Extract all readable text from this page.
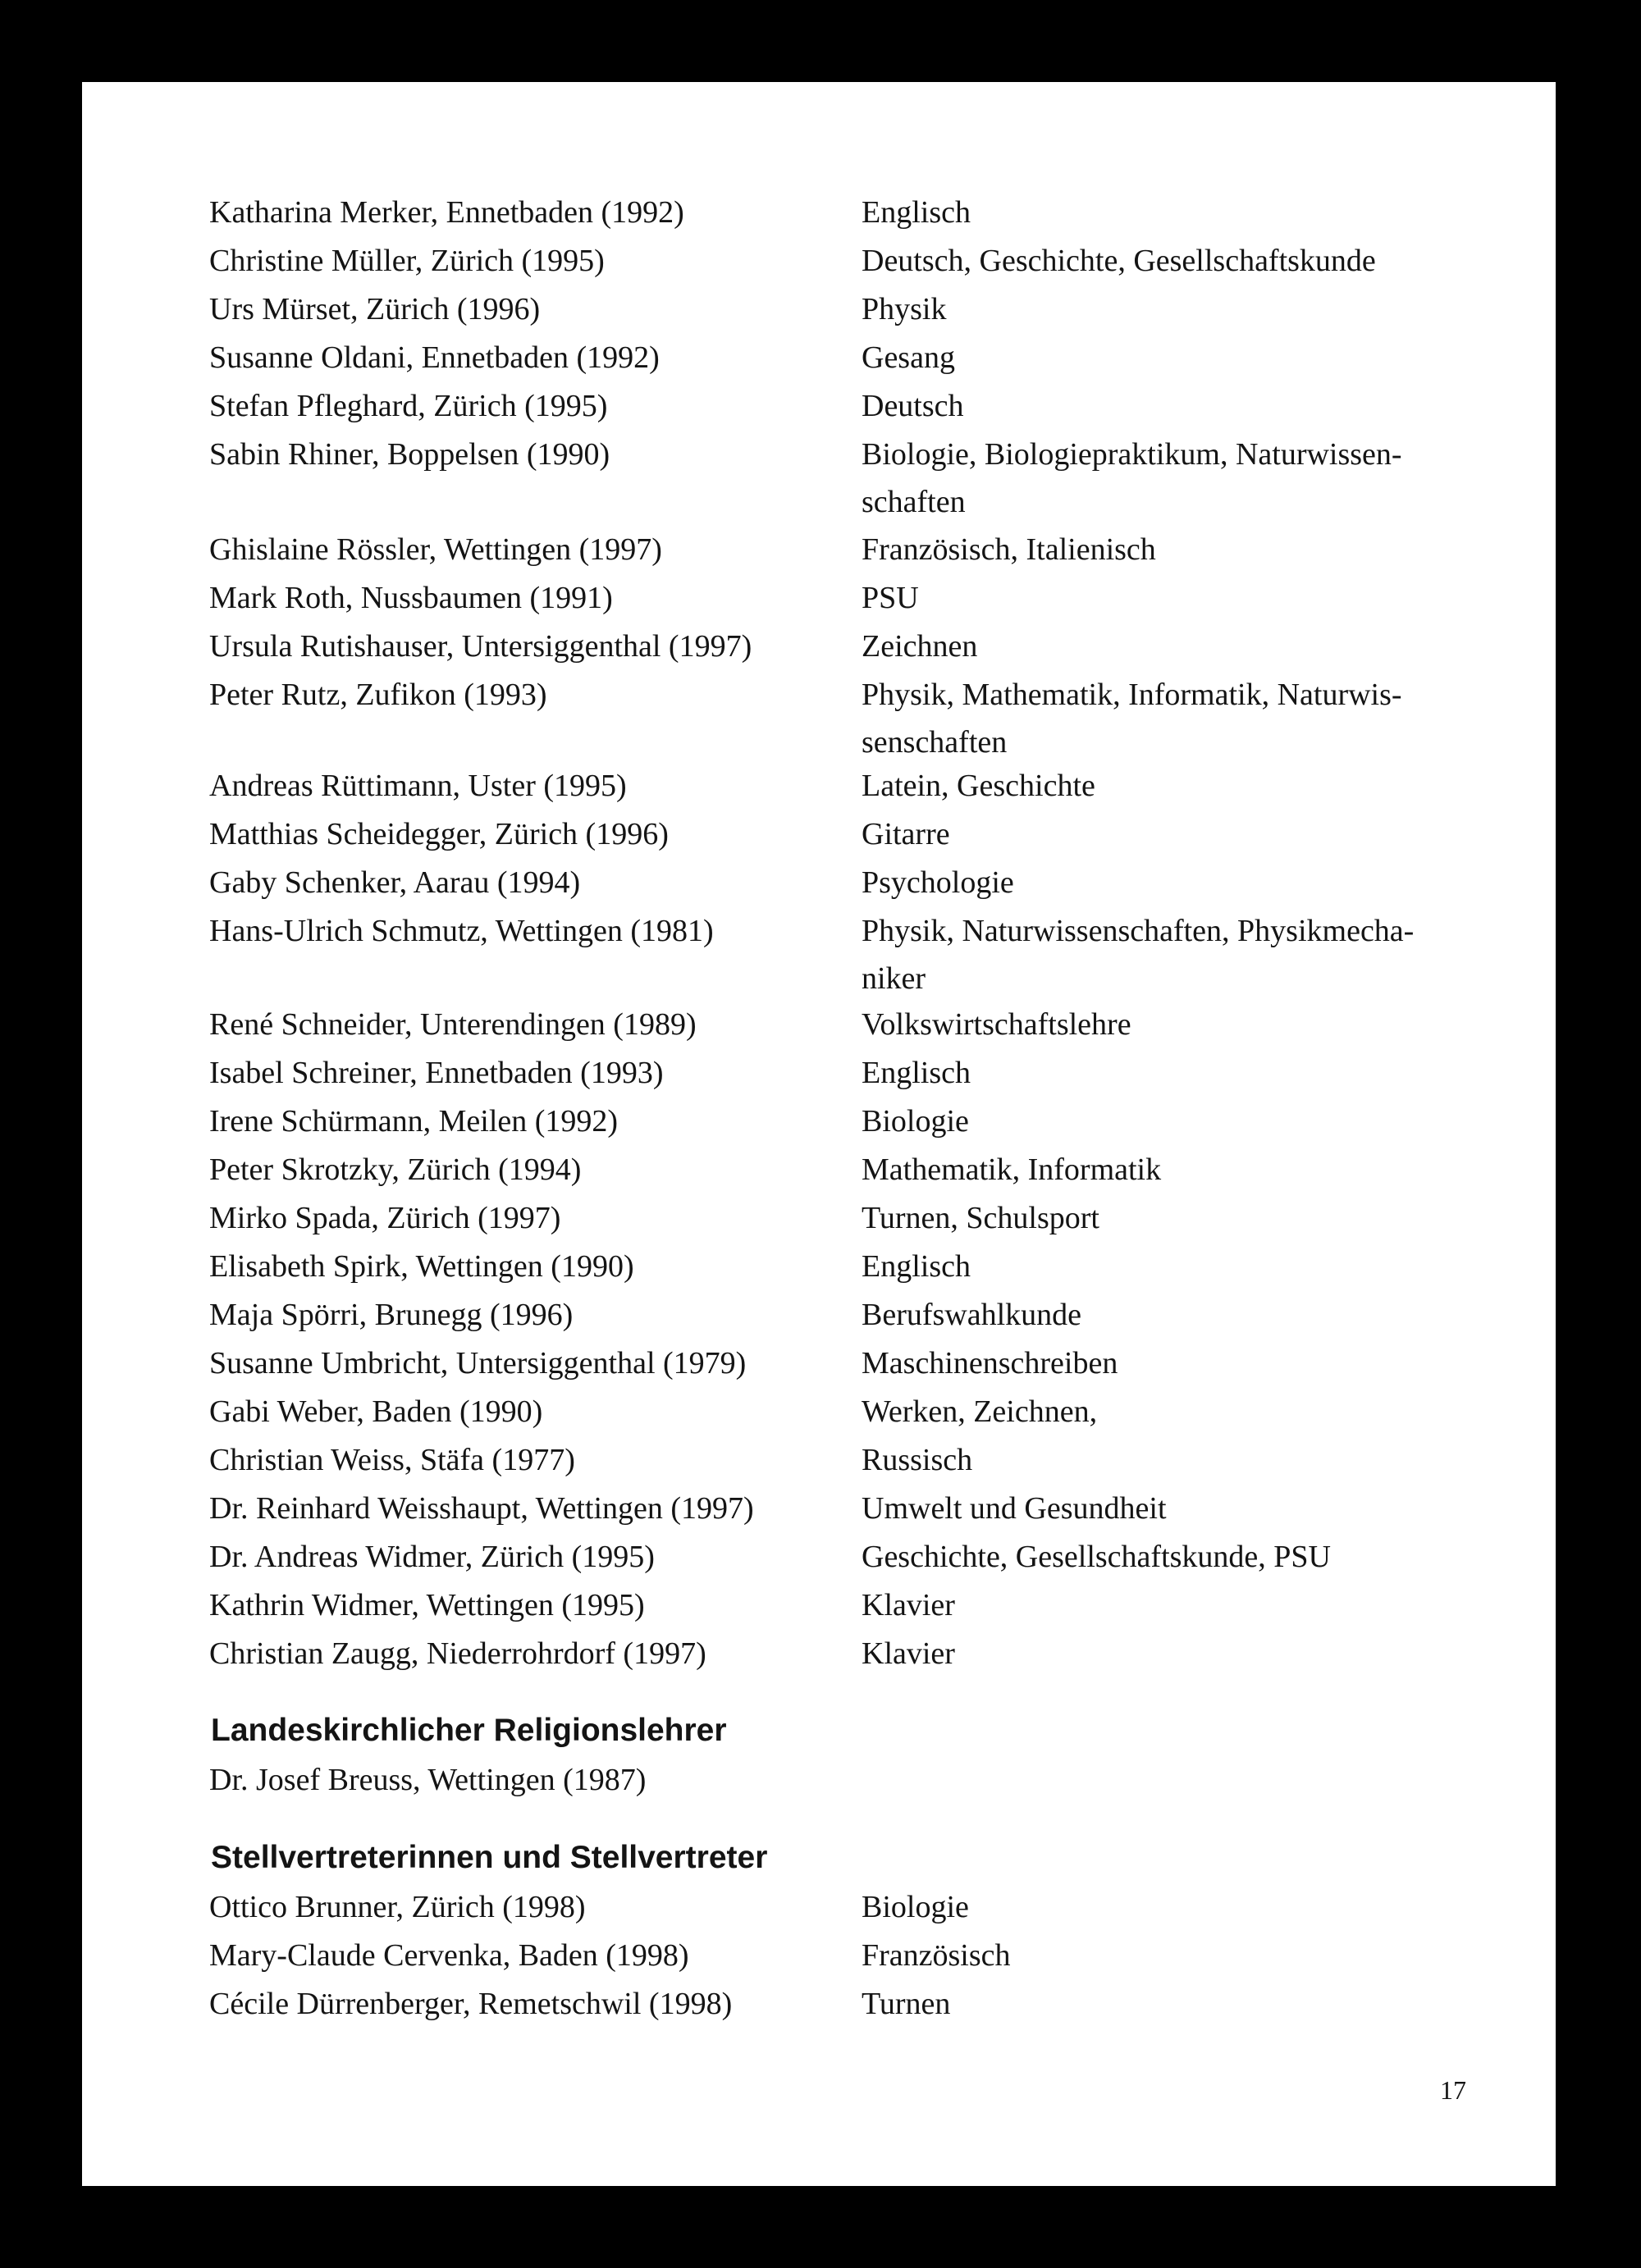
Katharina Merker, Ennetbaden (1992)	Englisch
Christine Müller, Zürich (1995)	Deutsch, Geschichte, Gesellschaftskunde
Urs Mürset, Zürich (1996)	Physik
Susanne Oldani, Ennetbaden (1992)	Gesang
Stefan Pfleghard, Zürich (1995)	Deutsch
Sabin Rhiner, Boppelsen (1990)	Biologie, Biologiepraktikum, Naturwissen-schaften
Ghislaine Rössler, Wettingen (1997)	Französisch, Italienisch
Mark Roth, Nussbaumen (1991)	PSU
Ursula Rutishauser, Untersiggenthal (1997)	Zeichnen
Peter Rutz, Zufikon (1993)	Physik, Mathematik, Informatik, Naturwis-senschaften
Andreas Rüttimann, Uster (1995)	Latein, Geschichte
Matthias Scheidegger, Zürich (1996)	Gitarre
Gaby Schenker, Aarau (1994)	Psychologie
Hans-Ulrich Schmutz, Wettingen (1981)	Physik, Naturwissenschaften, Physikmecha-niker
René Schneider, Unterendingen (1989)	Volkswirtschaftslehre
Isabel Schreiner, Ennetbaden (1993)	Englisch
Irene Schürmann, Meilen (1992)	Biologie
Peter Skrotzky, Zürich (1994)	Mathematik, Informatik
Mirko Spada, Zürich (1997)	Turnen, Schulsport
Elisabeth Spirk, Wettingen (1990)	Englisch
Maja Spörri, Brunegg (1996)	Berufswahlkunde
Susanne Umbricht, Untersiggenthal (1979)	Maschinenschreiben
Gabi Weber, Baden (1990)	Werken, Zeichnen,
Christian Weiss, Stäfa (1977)	Russisch
Dr. Reinhard Weisshaupt, Wettingen (1997)	Umwelt und Gesundheit
Dr. Andreas Widmer, Zürich (1995)	Geschichte, Gesellschaftskunde, PSU
Kathrin Widmer, Wettingen (1995)	Klavier
Christian Zaugg, Niederrohrdorf (1997)	Klavier
Landeskirchlicher Religionslehrer
Dr. Josef Breuss, Wettingen (1987)
Stellvertreterinnen und Stellvertreter
Ottico Brunner, Zürich (1998)	Biologie
Mary-Claude Cervenka, Baden (1998)	Französisch
Cécile Dürrenberger, Remetschwil (1998)	Turnen
17
